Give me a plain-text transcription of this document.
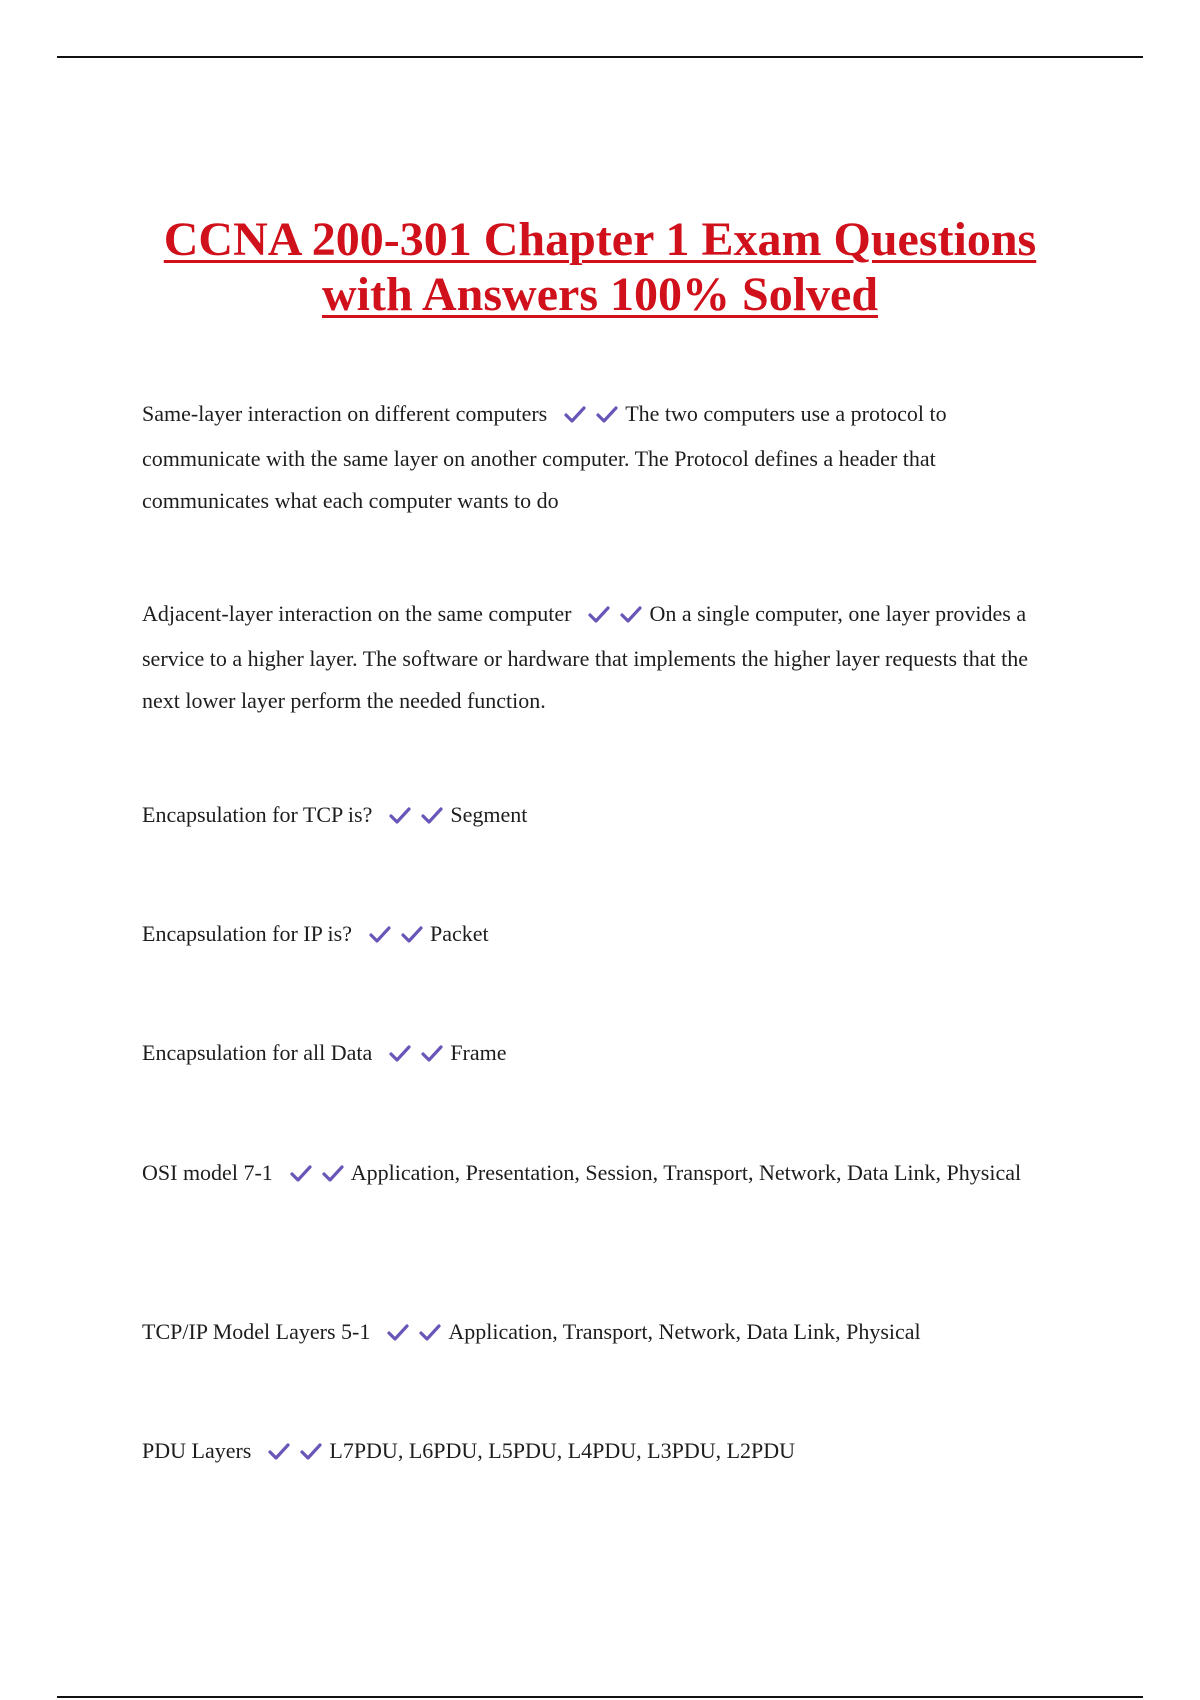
CCNA 200-301 Chapter 1 Exam Questions
with Answers 100% Solved
Same-layer interaction on different computers	The two computers use a protocol to communicate with the same layer on another computer. The Protocol defines a header that communicates what each computer wants to do
Adjacent-layer interaction on the same computer	On a single computer, one layer provides a service to a higher layer. The software or hardware that implements the higher layer requests that the next lower layer perform the needed function.
Encapsulation for TCP is?	Segment
Encapsulation for IP is?	Packet
Encapsulation for all Data	Frame
OSI model 7-1	Application, Presentation, Session, Transport, Network, Data Link, Physical
TCP/IP Model Layers 5-1	Application, Transport, Network, Data Link, Physical
PDU Layers	L7PDU, L6PDU, L5PDU, L4PDU, L3PDU, L2PDU
